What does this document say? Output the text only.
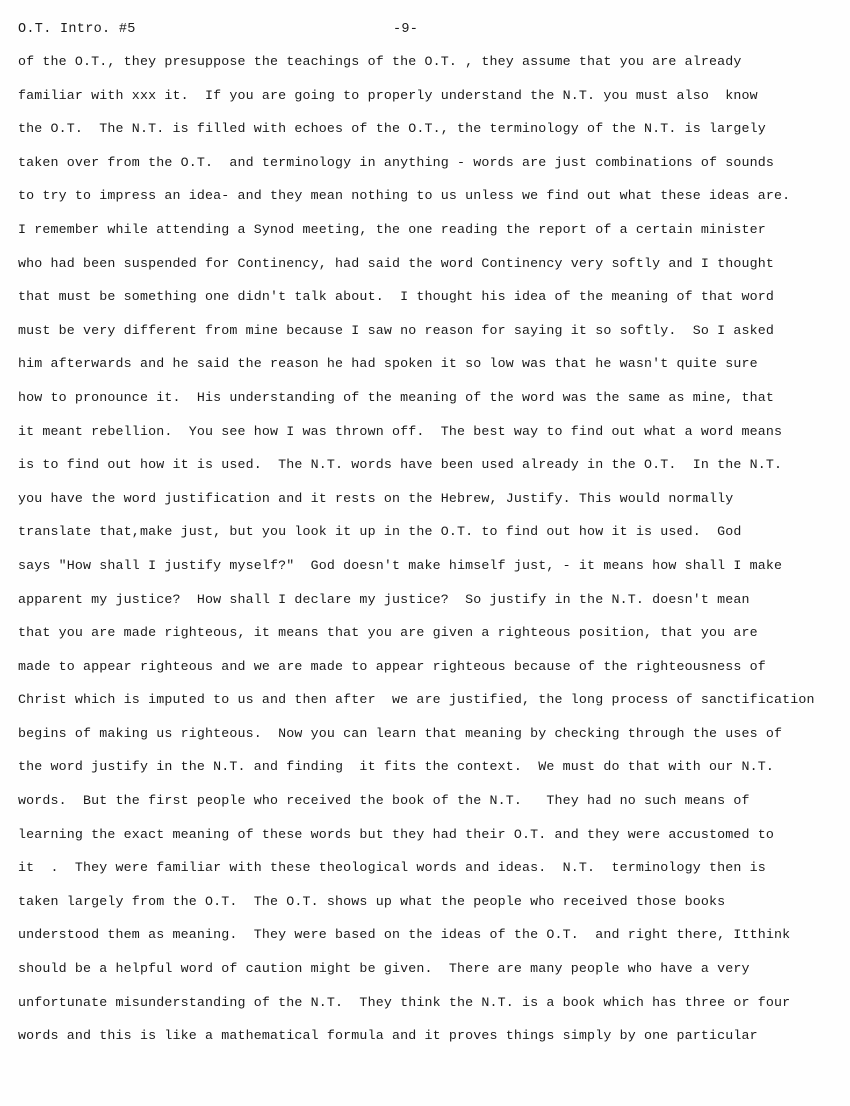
O.T. Intro. #5	-9-
of the O.T., they presuppose the teachings of the O.T. , they assume that you are already
familiar with xxx it.  If you are going to properly understand the N.T. you must also  know
the O.T.  The N.T. is filled with echoes of the O.T., the terminology of the N.T. is largely
taken over from the O.T.  and terminology in anything - words are just combinations of sounds
to try to impress an idea- and they mean nothing to us unless we find out what these ideas are.
I remember while attending a Synod meeting, the one reading the report of a certain minister
who had been suspended for Continency, had said the word Continency very softly and I thought
that must be something one didn't talk about.  I thought his idea of the meaning of that word
must be very different from mine because I saw no reason for saying it so softly.  So I asked
him afterwards and he said the reason he had spoken it so low was that he wasn't quite sure
how to pronounce it.  His understanding of the meaning of the word was the same as mine, that
it meant rebellion.  You see how I was thrown off.  The best way to find out what a word means
is to find out how it is used.  The N.T. words have been used already in the O.T.  In the N.T.
you have the word justification and it rests on the Hebrew, Justify. This would normally
translate that,make just, but you look it up in the O.T. to find out how it is used.  God
says "How shall I justify myself?"  God doesn't make himself just, - it means how shall I make
apparent my justice?  How shall I declare my justice?  So justify in the N.T. doesn't mean
that you are made righteous, it means that you are given a righteous position, that you are
made to appear righteous and we are made to appear righteous because of the righteousness of
Christ which is imputed to us and then after  we are justified, the long process of sanctification
begins of making us righteous.  Now you can learn that meaning by checking through the uses of
the word justify in the N.T. and finding  it fits the context.  We must do that with our N.T.
words.  But the first people who received the book of the N.T.   They had no such means of
learning the exact meaning of these words but they had their O.T. and they were accustomed to
it  .  They were familiar with these theological words and ideas.  N.T.  terminology then is
taken largely from the O.T.  The O.T. shows up what the people who received those books
understood them as meaning.  They were based on the ideas of the O.T.  and right there, Itthink
should be a helpful word of caution might be given.  There are many people who have a very
unfortunate misunderstanding of the N.T.  They think the N.T. is a book which has three or four
words and this is like a mathematical formula and it proves things simply by one particular
